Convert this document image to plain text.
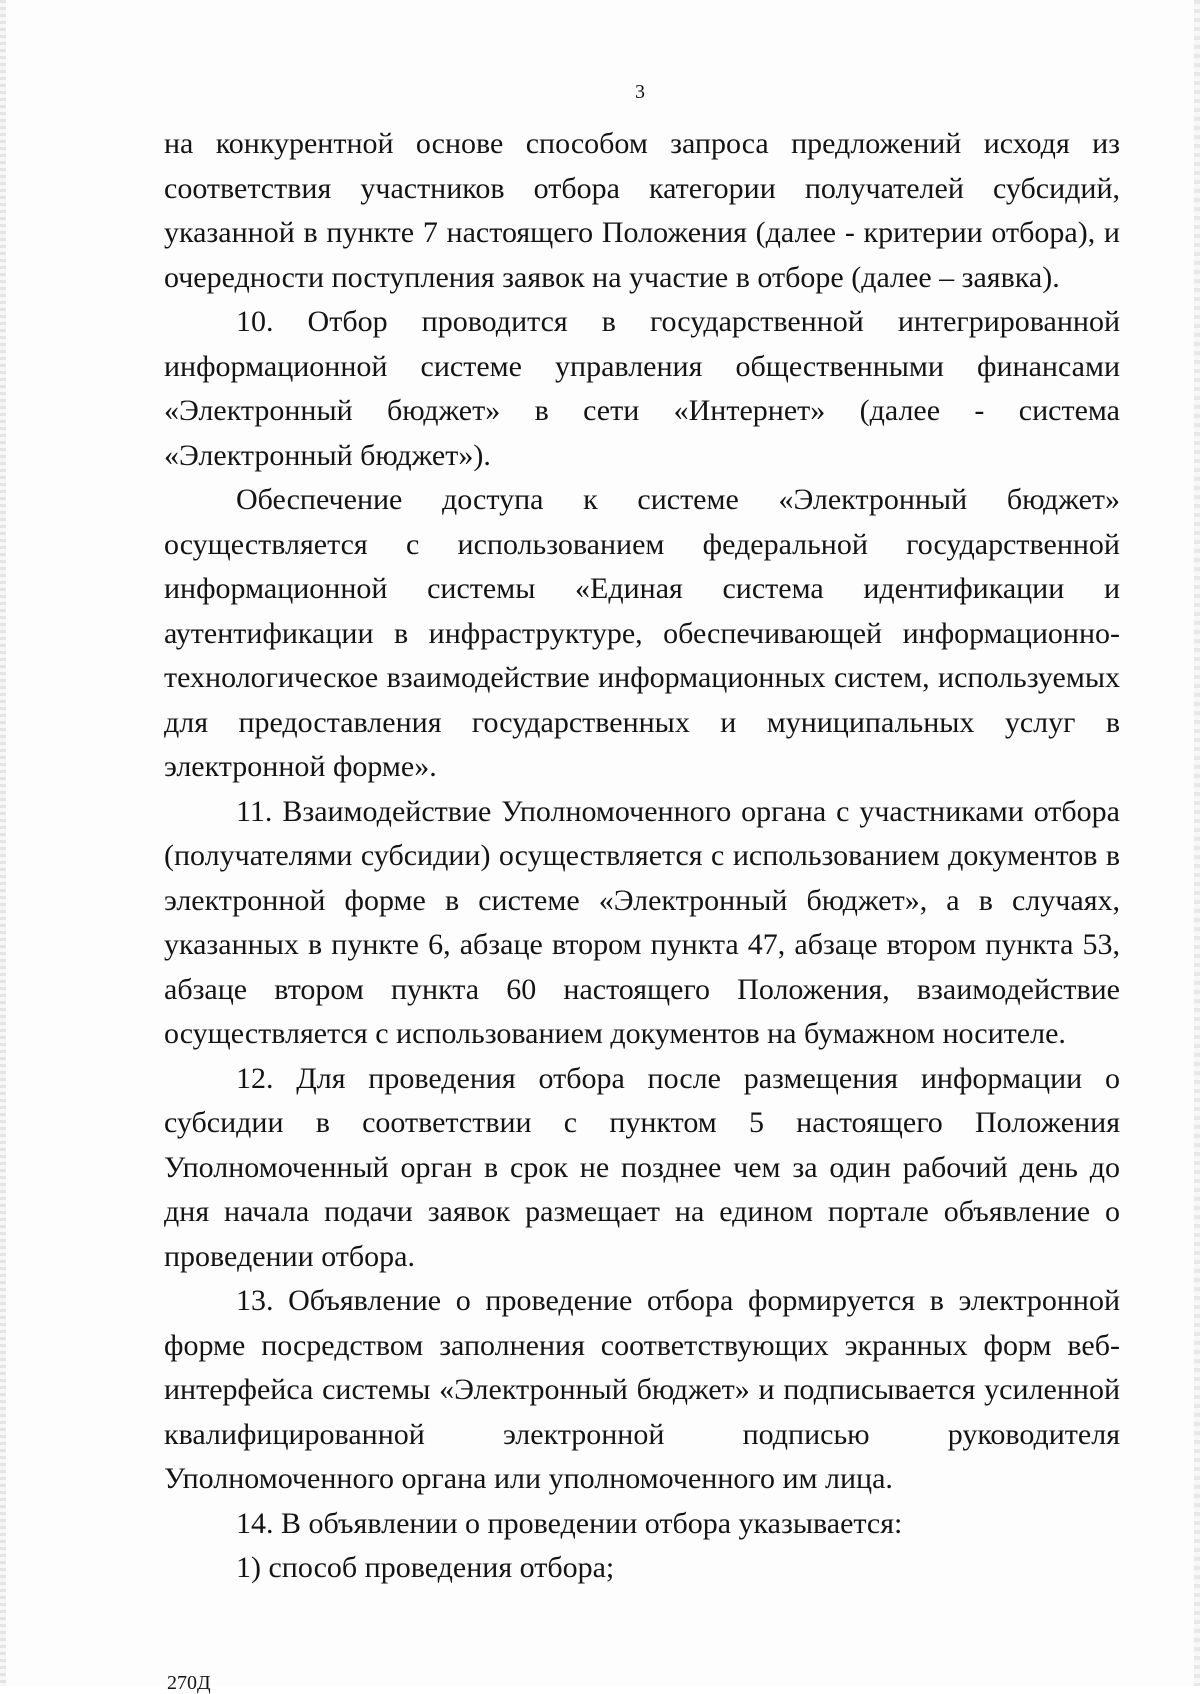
3

на конкурентной основе способом запроса предложений исходя из соответствия участников отбора категории получателей субсидий, указанной в пункте 7 настоящего Положения (далее - критерии отбора), и очередности поступления заявок на участие в отборе (далее – заявка).

10. Отбор проводится в государственной интегрированной информационной системе управления общественными финансами «Электронный бюджет» в сети «Интернет» (далее - система «Электронный бюджет»).

Обеспечение доступа к системе «Электронный бюджет» осуществляется с использованием федеральной государственной информационной системы «Единая система идентификации и аутентификации в инфраструктуре, обеспечивающей информационно-технологическое взаимодействие информационных систем, используемых для предоставления государственных и муниципальных услуг в электронной форме».

11. Взаимодействие Уполномоченного органа с участниками отбора (получателями субсидии) осуществляется с использованием документов в электронной форме в системе «Электронный бюджет», а в случаях, указанных в пункте 6, абзаце втором пункта 47, абзаце втором пункта 53, абзаце втором пункта 60 настоящего Положения, взаимодействие осуществляется с использованием документов на бумажном носителе.

12. Для проведения отбора после размещения информации о субсидии в соответствии с пунктом 5 настоящего Положения Уполномоченный орган в срок не позднее чем за один рабочий день до дня начала подачи заявок размещает на едином портале объявление о проведении отбора.

13. Объявление о проведение отбора формируется в электронной форме посредством заполнения соответствующих экранных форм веб-интерфейса системы «Электронный бюджет» и подписывается усиленной квалифицированной электронной подписью руководителя Уполномоченного органа или уполномоченного им лица.

14. В объявлении о проведении отбора указывается:

1) способ проведения отбора;

270Д
